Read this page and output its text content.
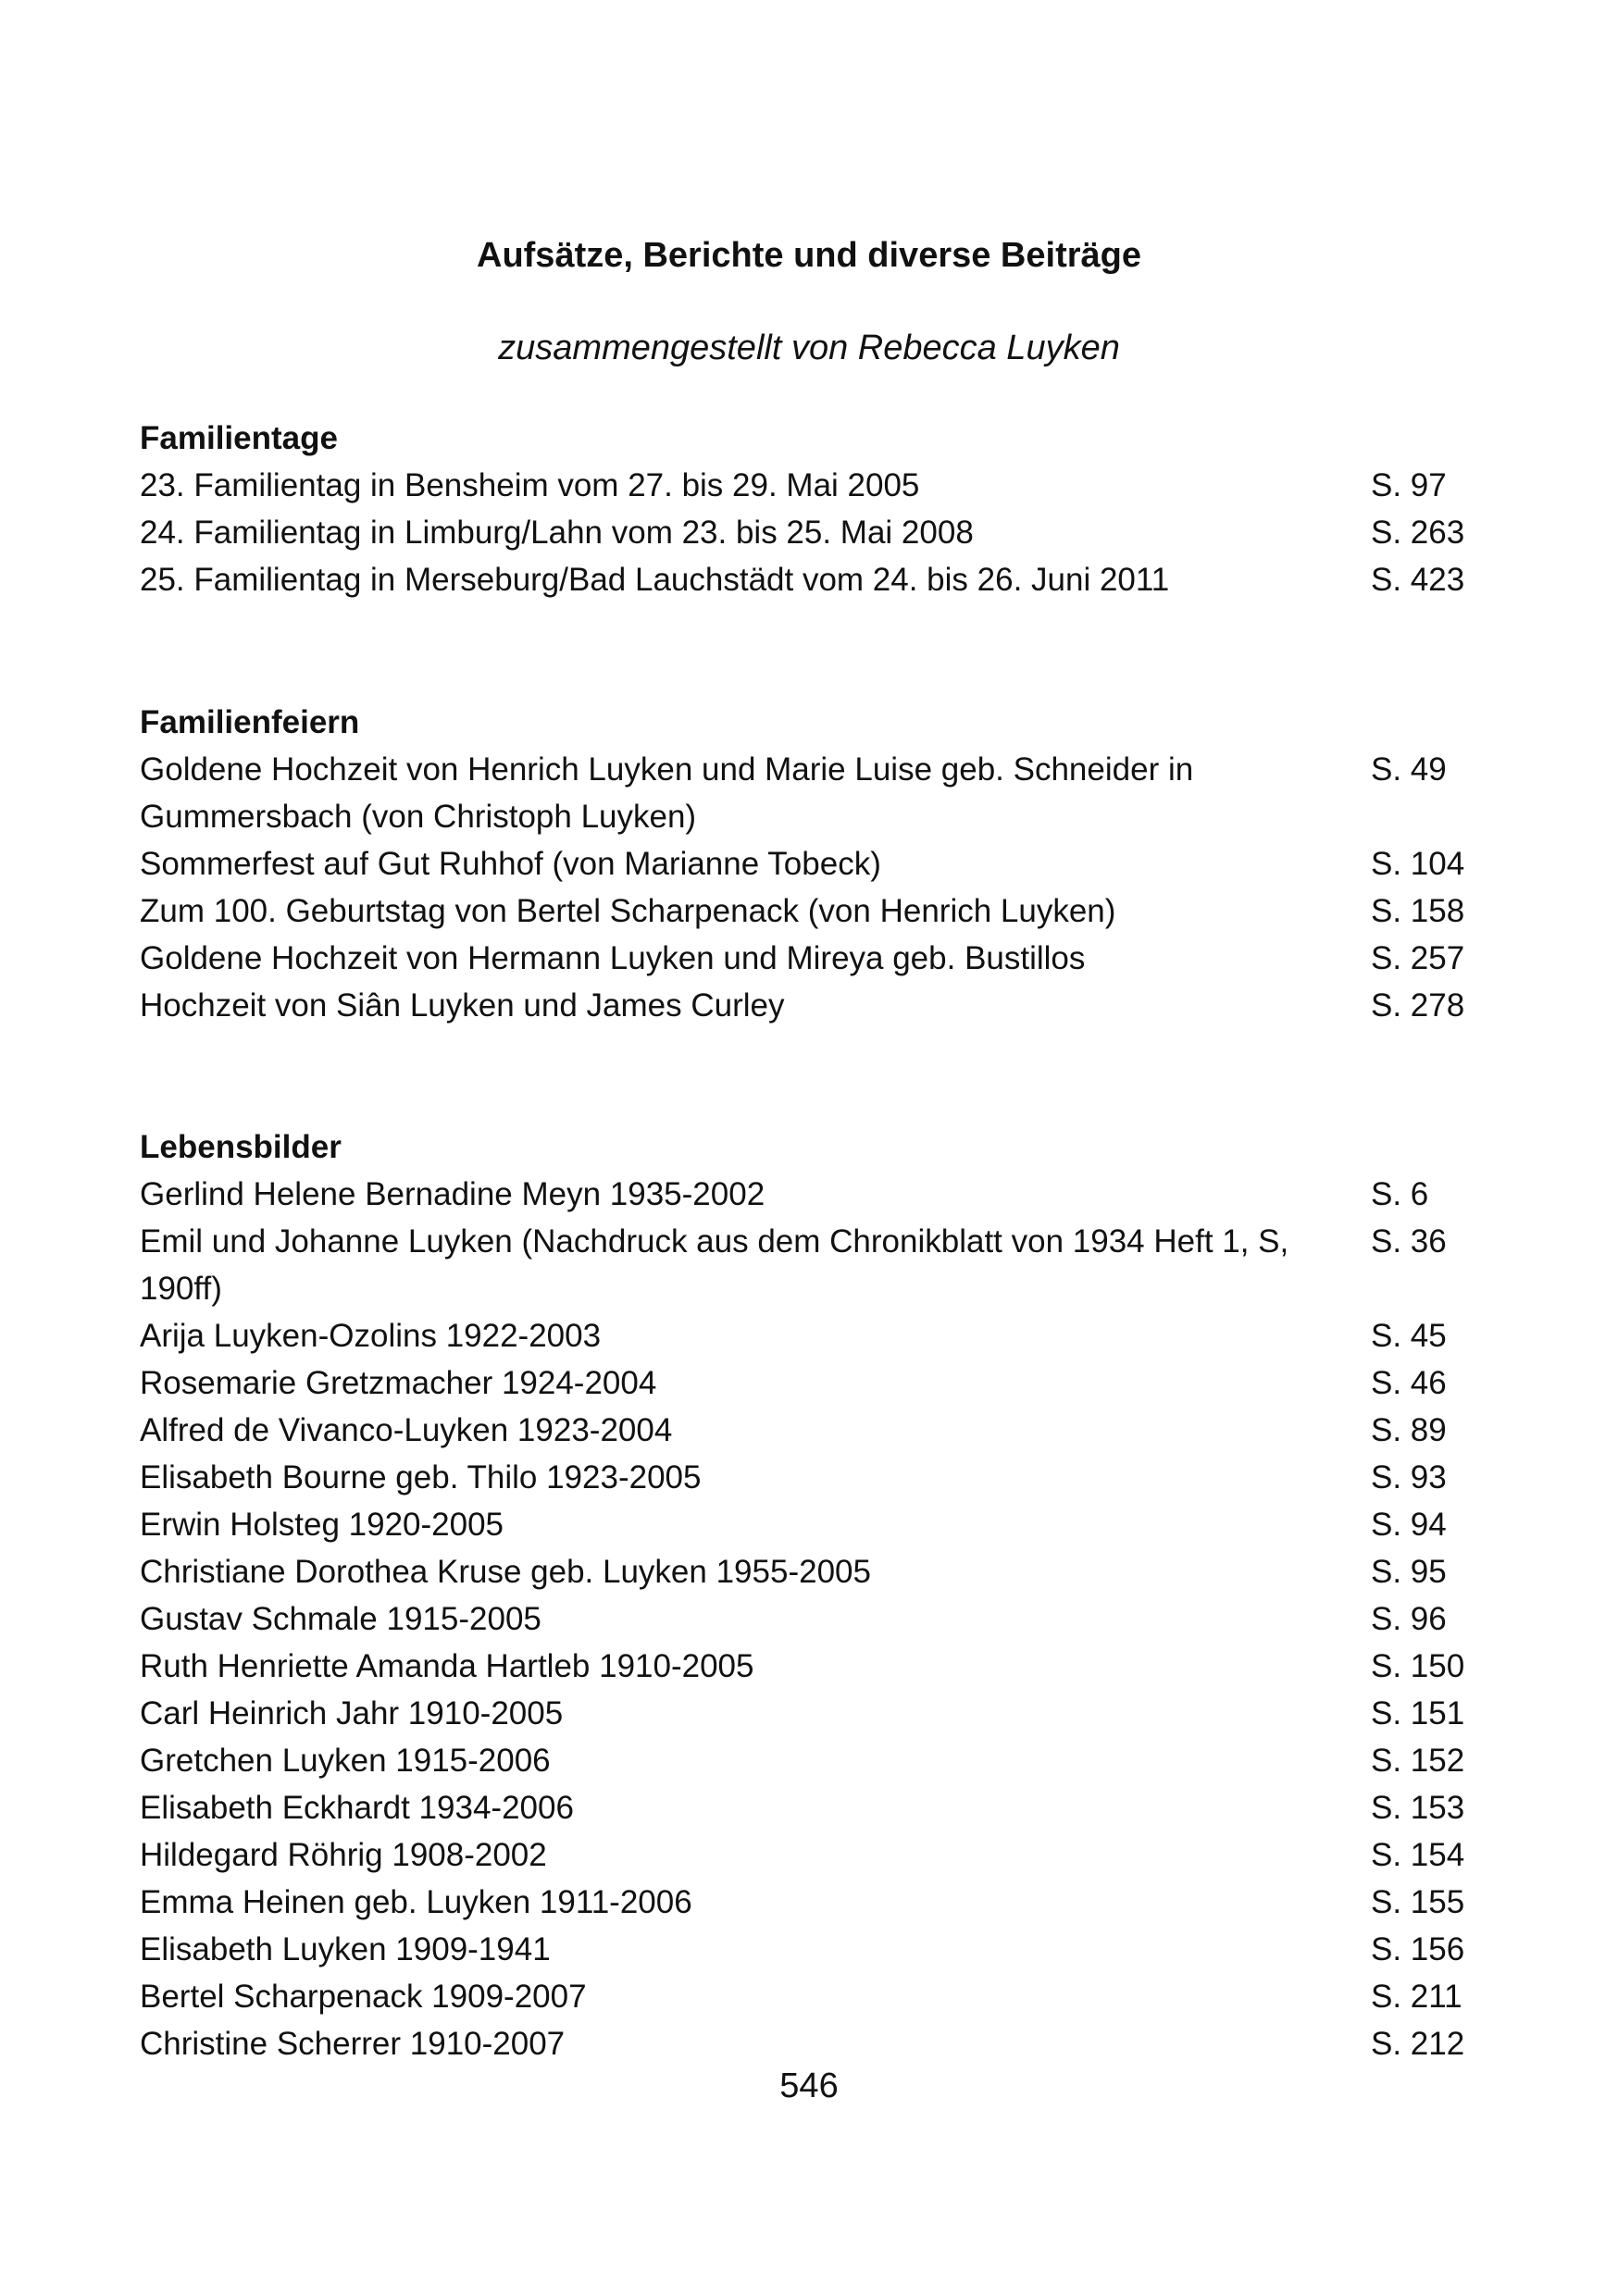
Aufsätze, Berichte und diverse Beiträge
zusammengestellt von Rebecca Luyken
Familientage
23. Familientag in Bensheim vom 27. bis 29. Mai 2005	S. 97
24. Familientag in Limburg/Lahn vom 23. bis 25. Mai 2008	S. 263
25. Familientag in Merseburg/Bad Lauchstädt vom 24. bis 26. Juni 2011	S. 423
Familienfeiern
Goldene Hochzeit von Henrich Luyken und Marie Luise geb. Schneider in Gummersbach (von Christoph Luyken)
S. 49
Sommerfest auf Gut Ruhhof (von Marianne Tobeck)	S. 104
Zum 100. Geburtstag von Bertel Scharpenack (von Henrich Luyken)	S. 158
Goldene Hochzeit von Hermann Luyken und Mireya geb. Bustillos	S. 257
Hochzeit von Siân Luyken und James Curley	S. 278
Lebensbilder
Gerlind Helene Bernadine Meyn 1935-2002	S. 6
Emil und Johanne Luyken (Nachdruck aus dem Chronikblatt von 1934 Heft 1, S, 190ff)
S. 36
Arija Luyken-Ozolins 1922-2003	S. 45
Rosemarie Gretzmacher 1924-2004	S. 46
Alfred de Vivanco-Luyken 1923-2004	S. 89
Elisabeth Bourne geb. Thilo 1923-2005	S. 93
Erwin Holsteg 1920-2005	S. 94
Christiane Dorothea Kruse geb. Luyken 1955-2005	S. 95
Gustav Schmale 1915-2005	S. 96
Ruth Henriette Amanda Hartleb 1910-2005	S. 150
Carl Heinrich Jahr 1910-2005	S. 151
Gretchen Luyken 1915-2006	S. 152
Elisabeth Eckhardt 1934-2006	S. 153
Hildegard Röhrig 1908-2002	S. 154
Emma Heinen geb. Luyken 1911-2006	S. 155
Elisabeth Luyken 1909-1941	S. 156
Bertel Scharpenack 1909-2007	S. 211
Christine Scherrer 1910-2007	S. 212
546
